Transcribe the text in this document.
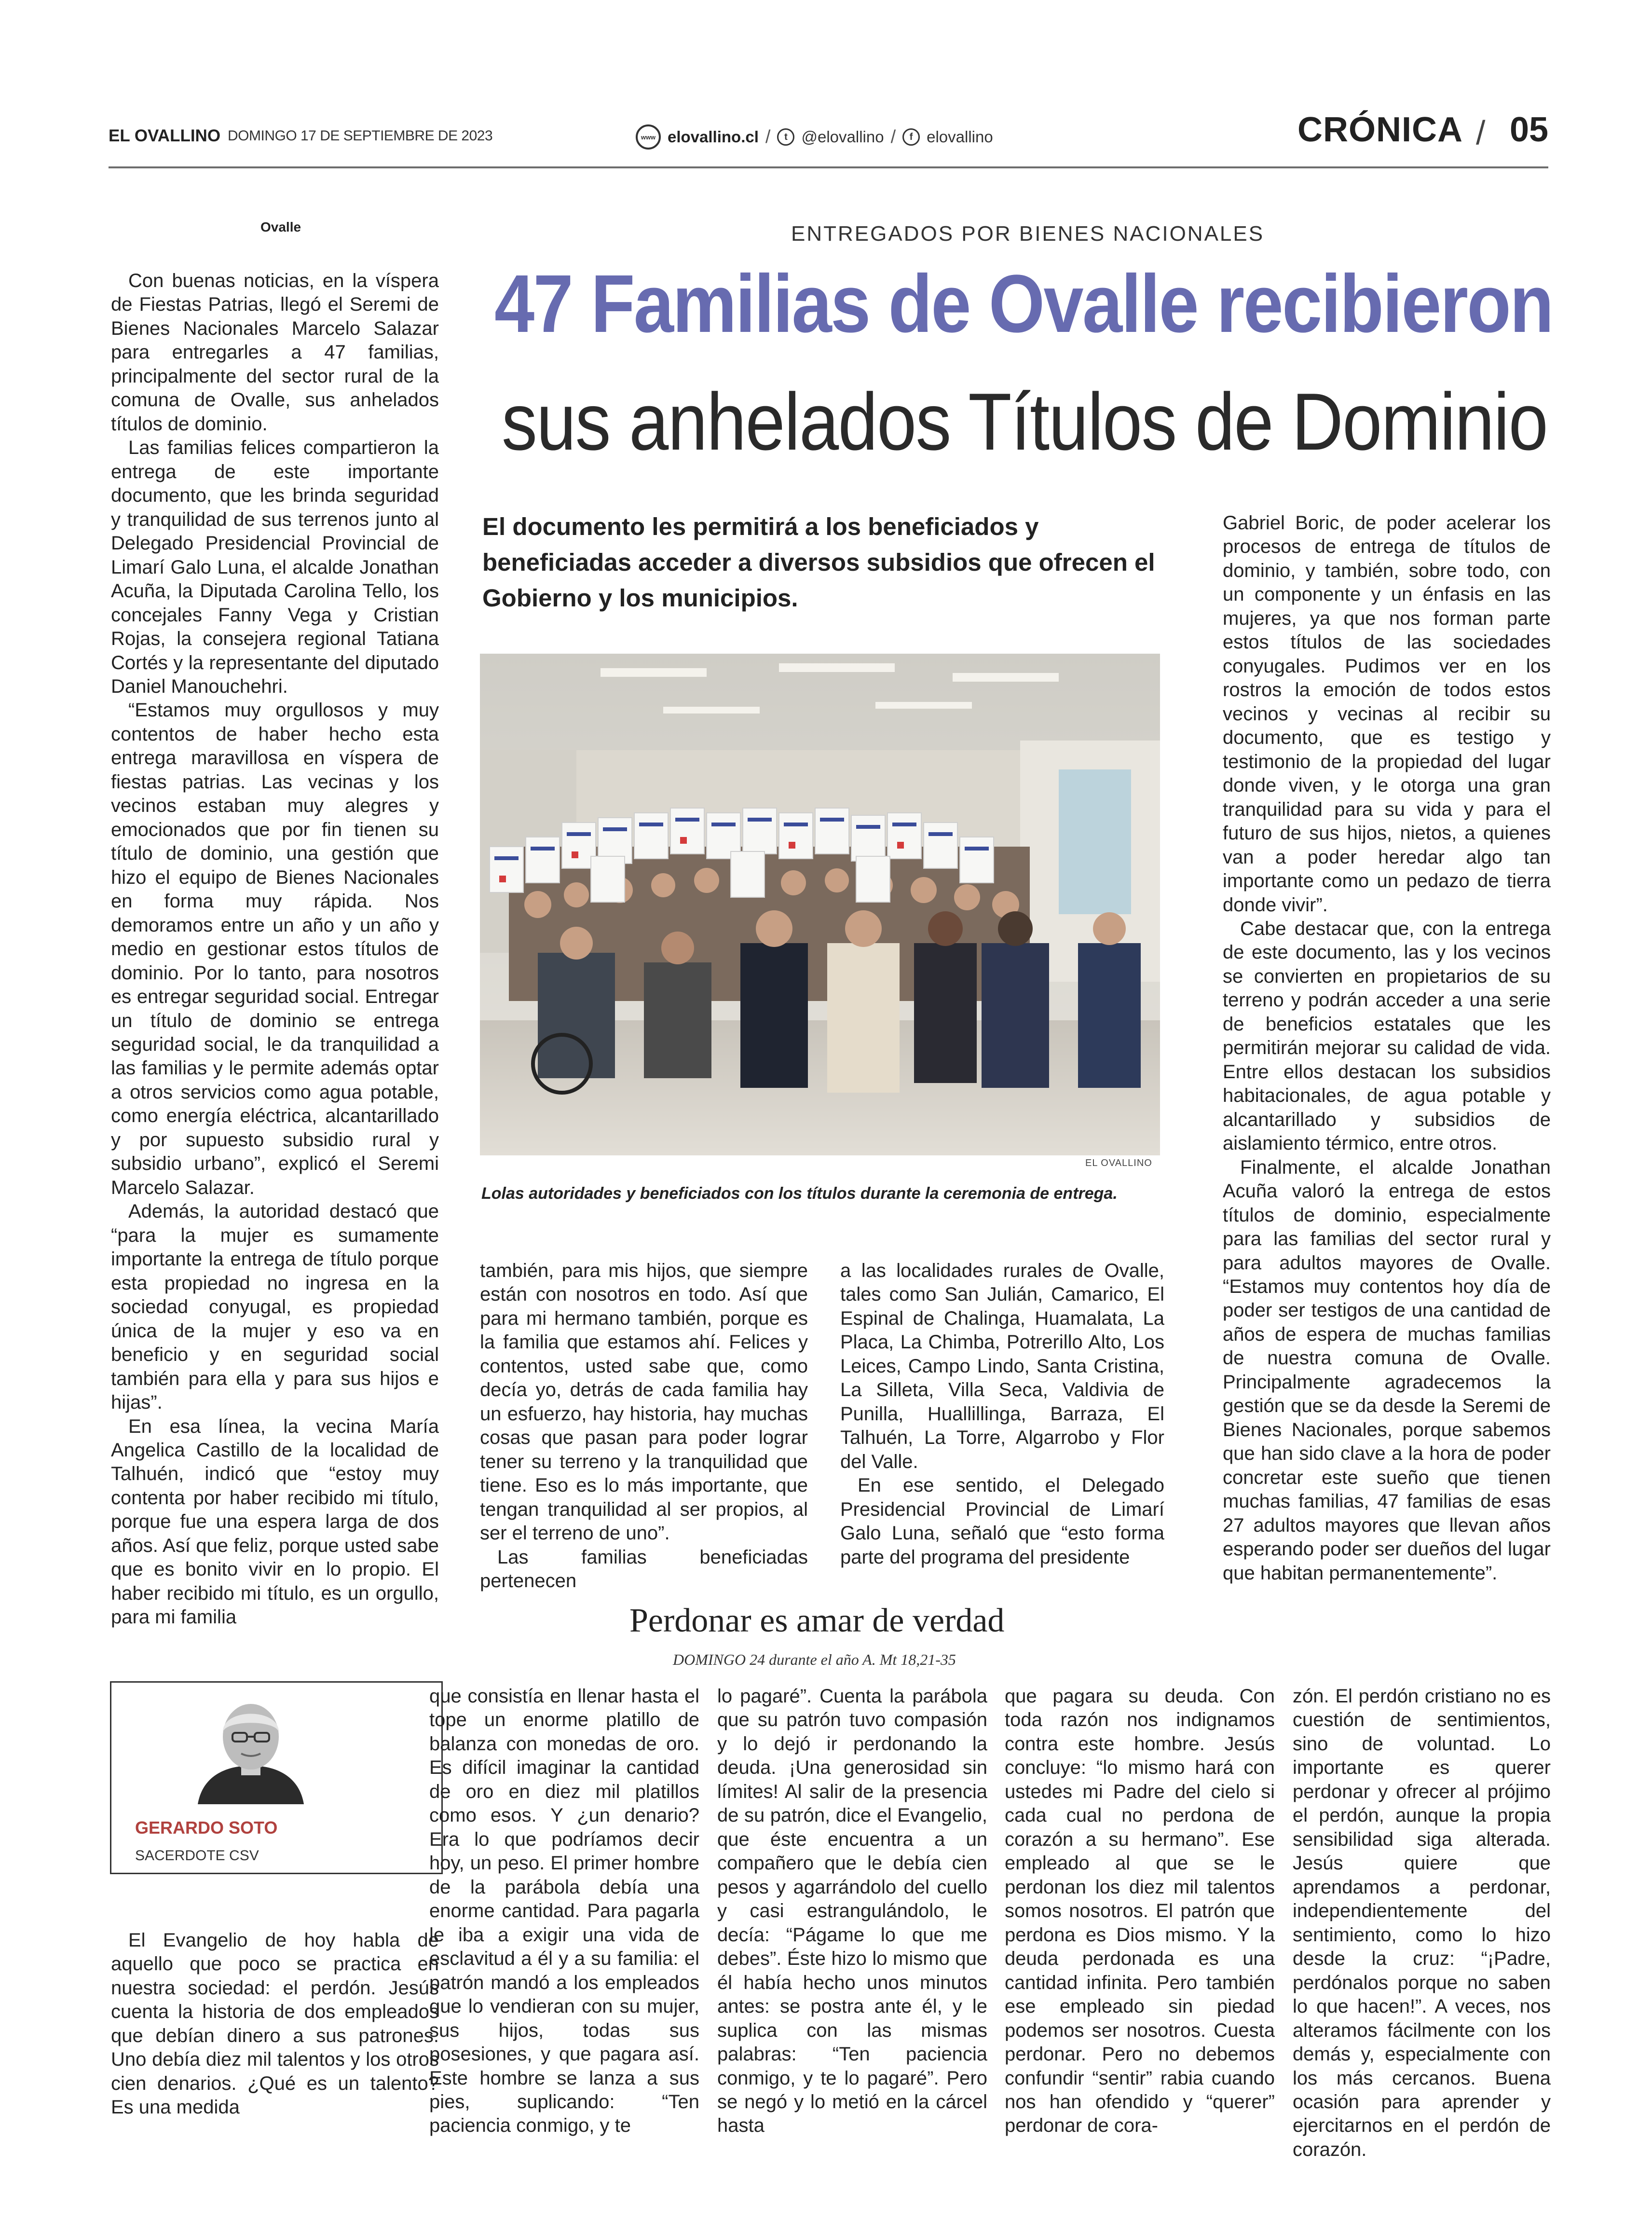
EL OVALLINO DOMINGO 17 DE SEPTIEMBRE DE 2023	www elovallino.cl /	t @elovallino /	f elovallino	CRÓNICA / 05
Ovalle	ENTREGADOS POR BIENES NACIONALES
47 Familias de Ovalle recibieron
sus anhelados Títulos de Dominio
El documento les permitirá a los beneficiados y beneficiadas acceder a diversos subsidios que ofrecen el Gobierno y los municipios.
EL OVALLINO
Lolas autoridades y beneficiados con los títulos durante la ceremonia de entrega.

Con buenas noticias, en la víspera de Fiestas Patrias, llegó el Seremi de Bienes Nacionales Marcelo Salazar para entregarles a 47 familias, principalmente del sector rural de la comuna de Ovalle, sus anhelados títulos de dominio.

Las familias felices compartieron la entrega de este importante documento, que les brinda seguridad y tranquilidad de sus terrenos junto al Delegado Presidencial Provincial de Limarí Galo Luna, el alcalde Jonathan Acuña, la Diputada Carolina Tello, los concejales Fanny Vega y Cristian Rojas, la consejera regional Tatiana Cortés y la representante del diputado Daniel Manouchehri.

“Estamos muy orgullosos y muy contentos de haber hecho esta entrega maravillosa en víspera de fiestas patrias. Las vecinas y los vecinos estaban muy alegres y emocionados que por fin tienen su título de dominio, una gestión que hizo el equipo de Bienes Nacionales en forma muy rápida. Nos demoramos entre un año y un año y medio en gestionar estos títulos de dominio. Por lo tanto, para nosotros es entregar seguridad social. Entregar un título de dominio se entrega seguridad social, le da tranquilidad a las familias y le permite además optar a otros servicios como agua potable, como energía eléctrica, alcantarillado y por supuesto subsidio rural y subsidio urbano”, explicó el Seremi Marcelo Salazar.

Además, la autoridad destacó que “para la mujer es sumamente importante la entrega de título porque esta propiedad no ingresa en la sociedad conyugal, es propiedad única de la mujer y eso va en beneficio y en seguridad social también para ella y para sus hijos e hijas”.

En esa línea, la vecina María Angelica Castillo de la localidad de Talhuén, indicó que “estoy muy contenta por haber recibido mi título, porque fue una espera larga de dos años. Así que feliz, porque usted sabe que es bonito vivir en lo propio. El haber recibido mi título, es un orgullo, para mi familia

también, para mis hijos, que siempre están con nosotros en todo. Así que para mi hermano también, porque es la familia que estamos ahí. Felices y contentos, usted sabe que, como decía yo, detrás de cada familia hay un esfuerzo, hay historia, hay muchas cosas que pasan para poder lograr tener su terreno y la tranquilidad que tiene. Eso es lo más importante, que tengan tranquilidad al ser propios, al ser el terreno de uno”.

Las familias beneficiadas pertenecen

a las localidades rurales de Ovalle, tales como San Julián, Camarico, El Espinal de Chalinga, Huamalata, La Placa, La Chimba, Potrerillo Alto, Los Leices, Campo Lindo, Santa Cristina, La Silleta, Villa Seca, Valdivia de Punilla, Huallillinga, Barraza, El Talhuén, La Torre, Algarrobo y Flor del Valle.

En ese sentido, el Delegado Presidencial Provincial de Limarí Galo Luna, señaló que “esto forma parte del programa del presidente

Gabriel Boric, de poder acelerar los procesos de entrega de títulos de dominio, y también, sobre todo, con un componente y un énfasis en las mujeres, ya que nos forman parte estos títulos de las sociedades conyugales. Pudimos ver en los rostros la emoción de todos estos vecinos y vecinas al recibir su documento, que es testigo y testimonio de la propiedad del lugar donde viven, y le otorga una gran tranquilidad para su vida y para el futuro de sus hijos, nietos, a quienes van a poder heredar algo tan importante como un pedazo de tierra donde vivir”.

Cabe destacar que, con la entrega de este documento, las y los vecinos se convierten en propietarios de su terreno y podrán acceder a una serie de beneficios estatales que les permitirán mejorar su calidad de vida. Entre ellos destacan los subsidios habitacionales, de agua potable y alcantarillado y subsidios de aislamiento térmico, entre otros.

Finalmente, el alcalde Jonathan Acuña valoró la entrega de estos títulos de dominio, especialmente para las familias del sector rural y para adultos mayores de Ovalle. “Estamos muy contentos hoy día de poder ser testigos de una cantidad de años de espera de muchas familias de nuestra comuna de Ovalle. Principalmente agradecemos la gestión que se da desde la Seremi de Bienes Nacionales, porque sabemos que han sido clave a la hora de poder concretar este sueño que tienen muchas familias, 47 familias de esas 27 adultos mayores que llevan años esperando poder ser dueños del lugar que habitan permanentemente”.

Perdonar es amar de verdad
DOMINGO 24 durante el año A. Mt 18,21-35
GERARDO SOTO
SACERDOTE CSV

El Evangelio de hoy habla de aquello que poco se practica en nuestra sociedad: el perdón. Jesús cuenta la historia de dos empleados que debían dinero a sus patrones. Uno debía diez mil talentos y los otros cien denarios. ¿Qué es un talento? Es una medida

que consistía en llenar hasta el tope un enorme platillo de balanza con monedas de oro. Es difícil imaginar la cantidad de oro en diez mil platillos como esos. Y ¿un denario? Era lo que podríamos decir hoy, un peso. El primer hombre de la parábola debía una enorme cantidad. Para pagarla le iba a exigir una vida de esclavitud a él y a su familia: el patrón mandó a los empleados que lo vendieran con su mujer, sus hijos, todas sus posesiones, y que pagara así. Este hombre se lanza a sus pies, suplicando: “Ten paciencia conmigo, y te

lo pagaré”. Cuenta la parábola que su patrón tuvo compasión y lo dejó ir perdonando la deuda. ¡Una generosidad sin límites! Al salir de la presencia de su patrón, dice el Evangelio, que éste encuentra a un compañero que le debía cien pesos y agarrándolo del cuello y casi estrangulándolo, le decía: “Págame lo que me debes”. Éste hizo lo mismo que él había hecho unos minutos antes: se postra ante él, y le suplica con las mismas palabras: “Ten paciencia conmigo, y te lo pagaré”. Pero se negó y lo metió en la cárcel hasta

que pagara su deuda. Con toda razón nos indignamos contra este hombre. Jesús concluye: “lo mismo hará con ustedes mi Padre del cielo si cada cual no perdona de corazón a su hermano”. Ese empleado al que se le perdonan los diez mil talentos somos nosotros. El patrón que perdona es Dios mismo. Y la deuda perdonada es una cantidad infinita. Pero también ese empleado sin piedad podemos ser nosotros. Cuesta perdonar. Pero no debemos confundir “sentir” rabia cuando nos han ofendido y “querer” perdonar de cora-

zón. El perdón cristiano no es cuestión de sentimientos, sino de voluntad. Lo importante es querer perdonar y ofrecer al prójimo el perdón, aunque la propia sensibilidad siga alterada. Jesús quiere que aprendamos a perdonar, independientemente del sentimiento, como lo hizo desde la cruz: “¡Padre, perdónalos porque no saben lo que hacen!”. A veces, nos alteramos fácilmente con los demás y, especialmente con los más cercanos. Buena ocasión para aprender y ejercitarnos en el perdón de corazón.
